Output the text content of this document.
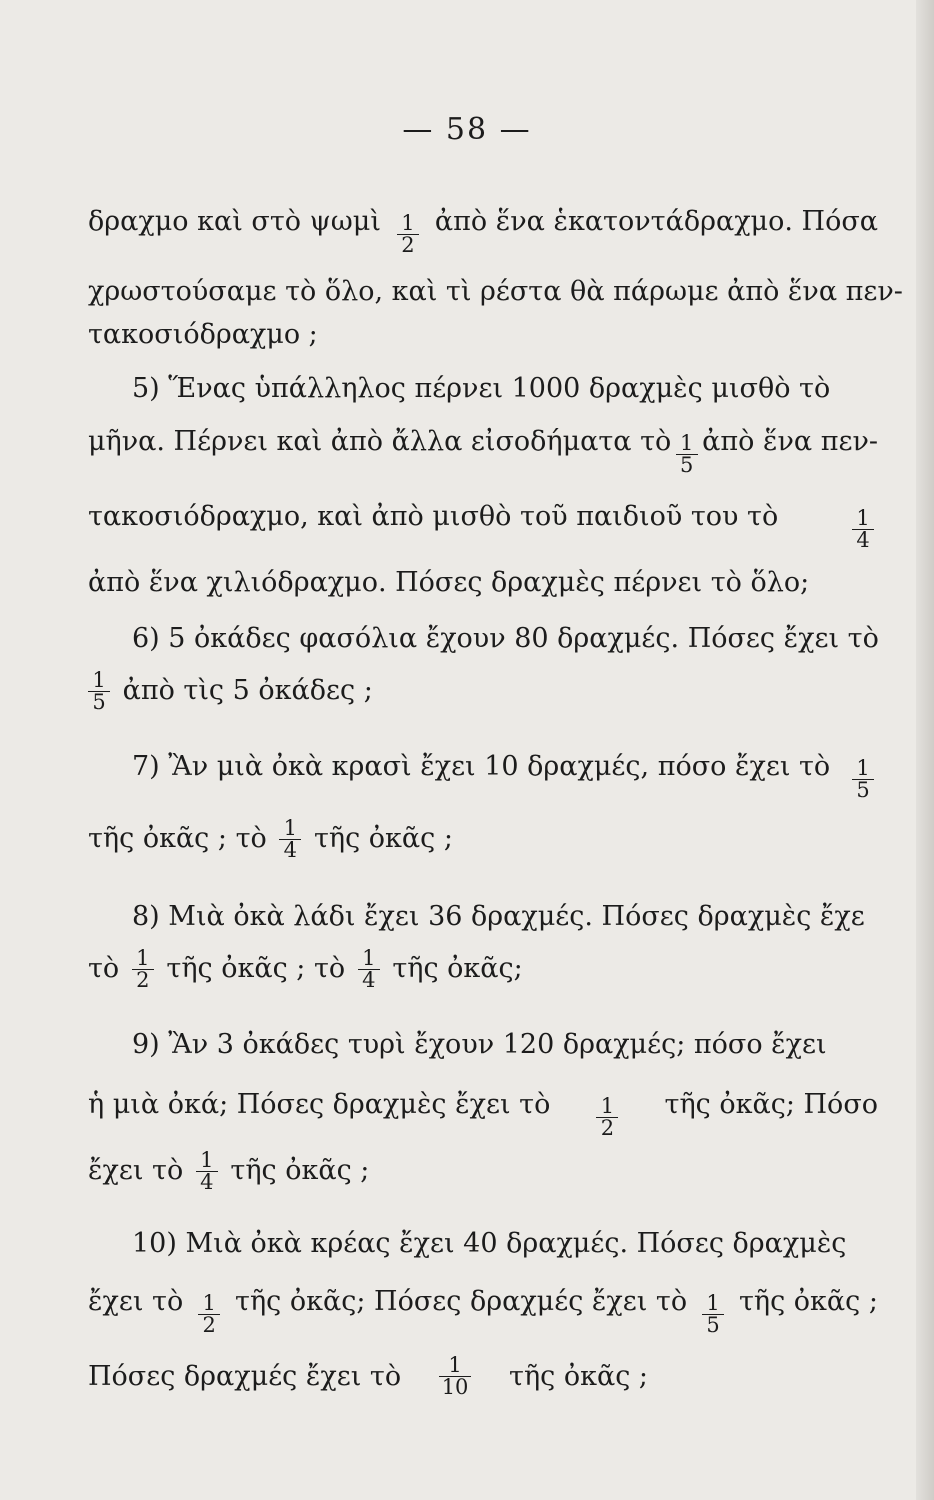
— 58 —
δραχμο καὶ στὸ ψωμὶ $\frac{1}{2}$ ἀπὸ ἕνα ἑκατοντάδραχμο. Πόσα
χρωστούσαμε τὸ ὅλο, καὶ τὶ ρέστα θὰ πάρωμε ἀπὸ ἕνα πεν-
τακοσιόδραχμο ;
5) Ἕνας ὑπάλληλος πέρνει 1000 δραχμὲς μισθὸ τὸ
μῆνα. Πέρνει καὶ ἀπὸ ἄλλα εἰσοδήματα τὸ $\frac{1}{5}$ ἀπὸ ἕνα πεν-
τακοσιόδραχμο, καὶ ἀπὸ μισθὸ τοῦ παιδιοῦ του τὸ	$\frac{1}{4}$
ἀπὸ ἕνα χιλιόδραχμο. Πόσες δραχμὲς πέρνει τὸ ὅλο;
6) 5 ὀκάδες φασόλια ἔχουν 80 δραχμές. Πόσες ἔχει τὸ
$\frac{1}{5}$ ἀπὸ τὶς 5 ὀκάδες ;
7) Ἂν μιὰ ὀκὰ κρασὶ ἔχει 10 δραχμές, πόσο ἔχει τὸ $\frac{1}{5}$
τῆς ὀκᾶς ; τὸ $\frac{1}{4}$ τῆς ὀκᾶς ;
8) Μιὰ ὀκὰ λάδι ἔχει 36 δραχμές. Πόσες δραχμὲς ἔχε
τὸ $\frac{1}{2}$ τῆς ὀκᾶς ; τὸ $\frac{1}{4}$ τῆς ὀκᾶς;
9) Ἂν 3 ὀκάδες τυρὶ ἔχουν 120 δραχμές; πόσο ἔχει
ἡ μιὰ ὀκά; Πόσες δραχμὲς ἔχει τὸ $\frac{1}{2}$ τῆς ὀκᾶς; Πόσο
ἔχει τὸ $\frac{1}{4}$ τῆς ὀκᾶς ;
10) Μιὰ ὀκὰ κρέας ἔχει 40 δραχμές. Πόσες δραχμὲς
ἔχει τὸ $\frac{1}{2}$ τῆς ὀκᾶς; Πόσες δραχμές ἔχει τὸ $\frac{1}{5}$ τῆς ὀκᾶς ;
Πόσες δραχμές ἔχει τὸ $\frac{1}{10}$ τῆς ὀκᾶς ;
